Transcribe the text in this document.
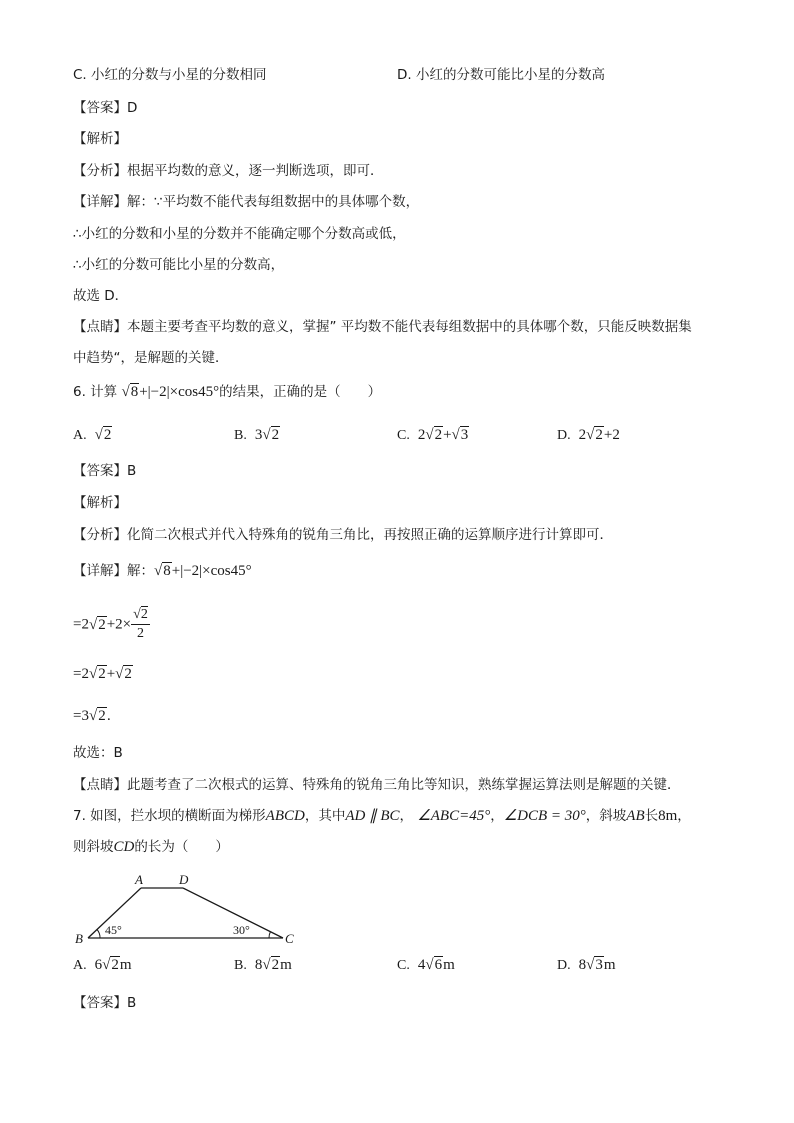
C. 小红的分数与小星的分数相同	D. 小红的分数可能比小星的分数高
【答案】D
【解析】
【分析】根据平均数的意义，逐一判断选项，即可．
【详解】解：∵平均数不能代表每组数据中的具体哪个数，
∴小红的分数和小星的分数并不能确定哪个分数高或低，
∴小红的分数可能比小星的分数高，
故选 D．
【点睛】本题主要考查平均数的意义，掌握” 平均数不能代表每组数据中的具体哪个数，只能反映数据集
中趋势“，是解题的关键．
6. 计算 √8+|−2|×cos45°的结果，正确的是（　　）
A. √2	B. 3√2	C. 2√2+√3	D. 2√2+2
【答案】B
【解析】
【分析】化简二次根式并代入特殊角的锐角三角比，再按照正确的运算顺序进行计算即可．
【详解】解：√8+|−2|×cos45°
$=2√2+2\times \frac{√2}{2}$
=2√2+√2
=3√2．
故选：B
【点睛】此题考查了二次根式的运算、特殊角的锐角三角比等知识，熟练掌握运算法则是解题的关键．
7. 如图，拦水坝的横断面为梯形ABCD，其中AD ∥ BC， ∠ABC=45°，∠DCB = 30°，斜坡AB长8m，
则斜坡CD的长为（　　）
A	D
B	C
45°	30°
A. 6√2m	B. 8√2m	C. 4√6m	D. 8√3m
【答案】B
